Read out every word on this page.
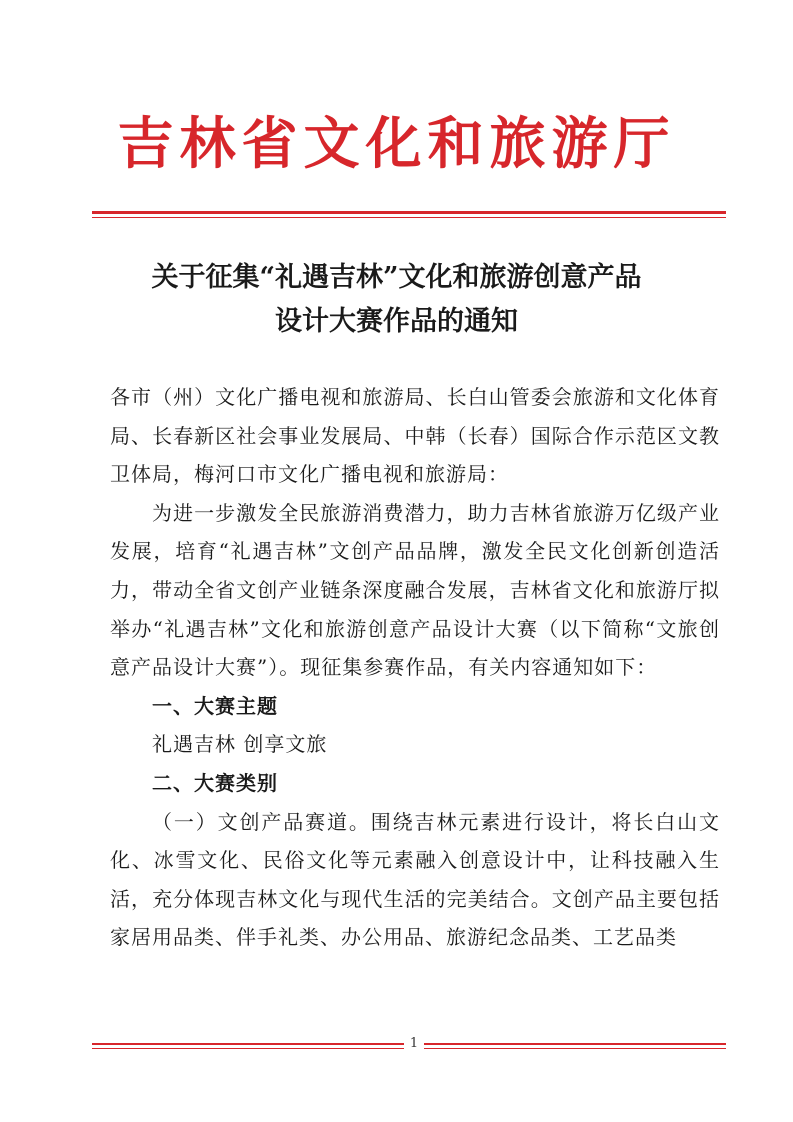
吉林省文化和旅游厅
关于征集“礼遇吉林”文化和旅游创意产品
设计大赛作品的通知

各市（州）文化广播电视和旅游局、长白山管委会旅游和文化体育局、长春新区社会事业发展局、中韩（长春）国际合作示范区文教卫体局，梅河口市文化广播电视和旅游局：

为进一步激发全民旅游消费潜力，助力吉林省旅游万亿级产业发展，培育“礼遇吉林”文创产品品牌，激发全民文化创新创造活力，带动全省文创产业链条深度融合发展，吉林省文化和旅游厅拟举办“礼遇吉林”文化和旅游创意产品设计大赛（以下简称“文旅创意产品设计大赛”）。现征集参赛作品，有关内容通知如下：

一、大赛主题

礼遇吉林 创享文旅

二、大赛类别

（一）文创产品赛道。围绕吉林元素进行设计，将长白山文化、冰雪文化、民俗文化等元素融入创意设计中，让科技融入生活，充分体现吉林文化与现代生活的完美结合。文创产品主要包括家居用品类、伴手礼类、办公用品、旅游纪念品类、工艺品类

1
